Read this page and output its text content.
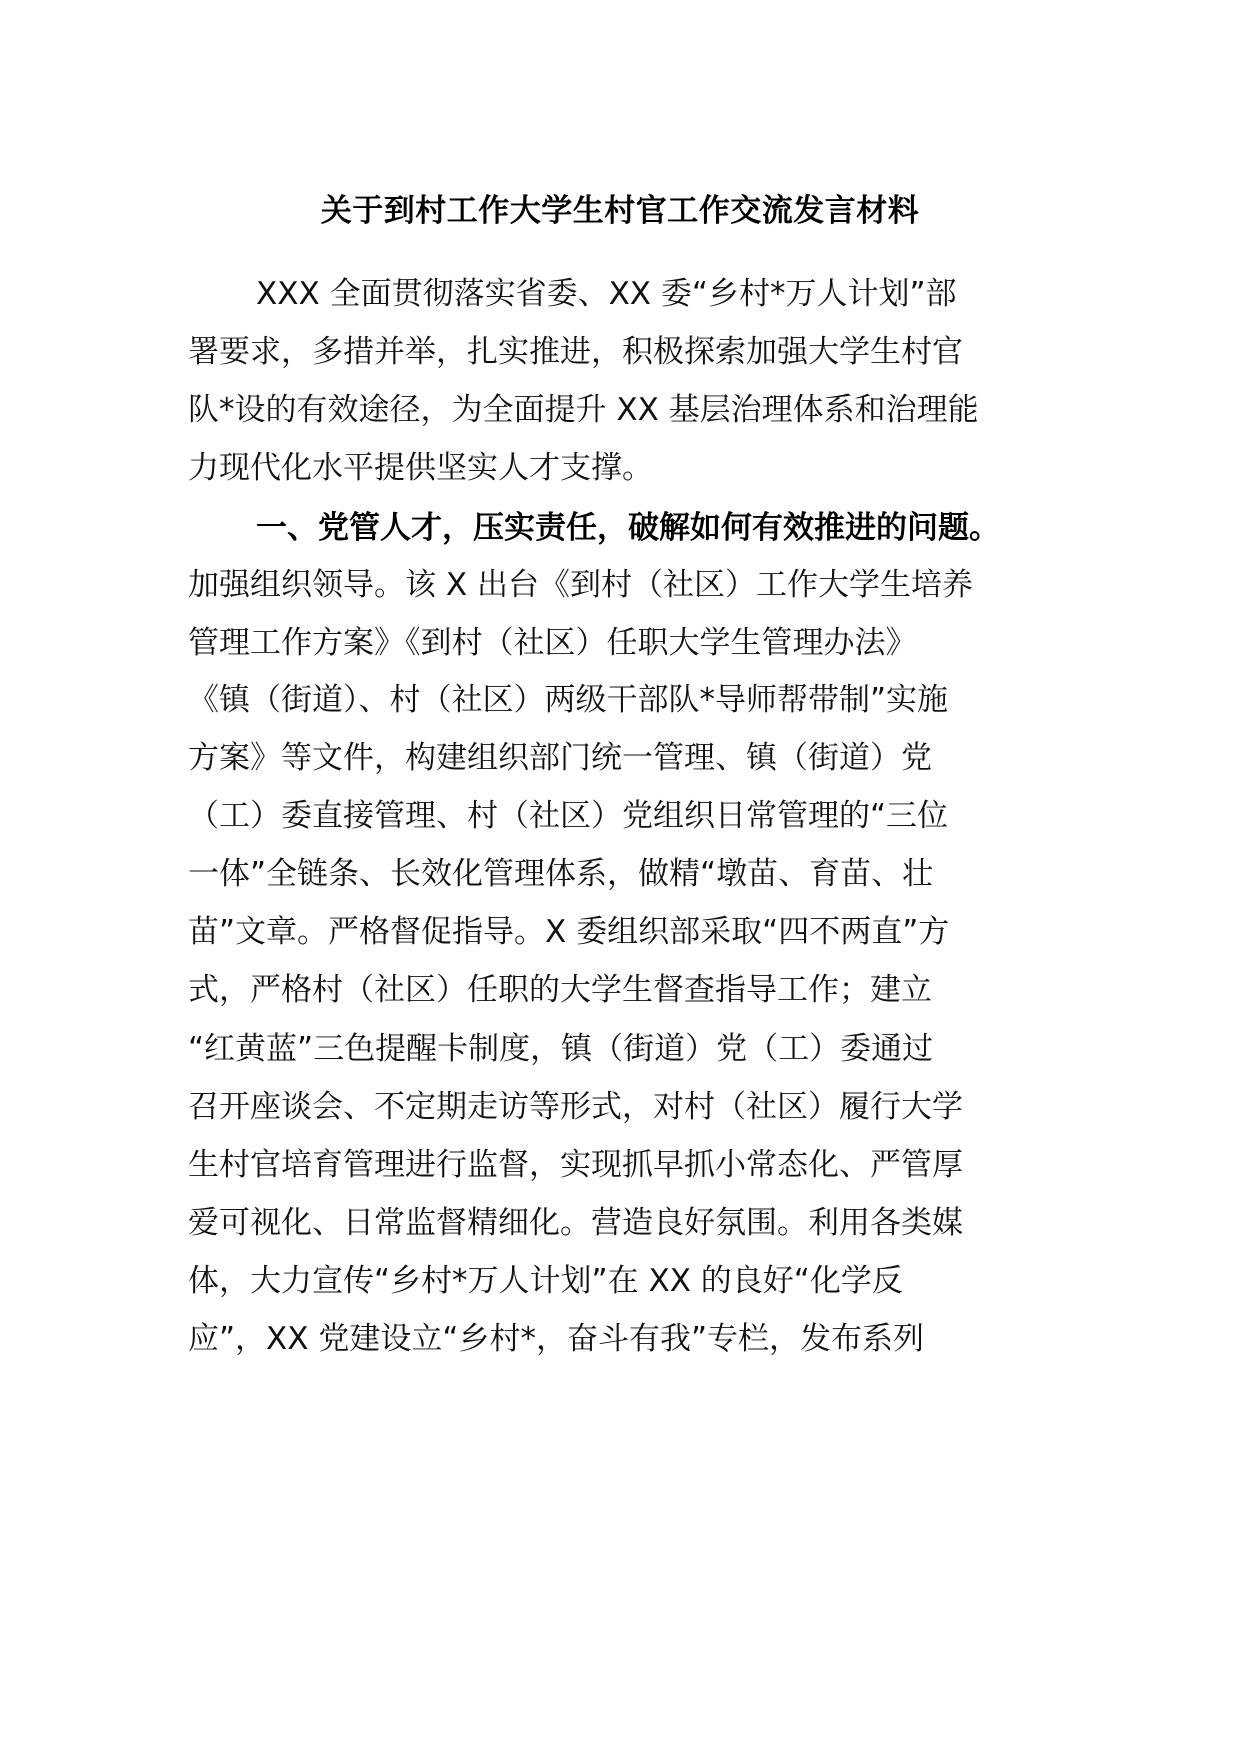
关于到村工作大学生村官工作交流发言材料
XXX 全面贯彻落实省委、XX 委“乡村*万人计划”部
署要求，多措并举，扎实推进，积极探索加强大学生村官
队*设的有效途径，为全面提升 XX 基层治理体系和治理能
力现代化水平提供坚实人才支撑。
一、党管人才，压实责任，破解如何有效推进的问题。
加强组织领导。该 X 出台《到村（社区）工作大学生培养
管理工作方案》《到村（社区）任职大学生管理办法》
《镇（街道）、村（社区）两级干部队*导师帮带制”实施
方案》等文件，构建组织部门统一管理、镇（街道）党
（工）委直接管理、村（社区）党组织日常管理的“三位
一体”全链条、长效化管理体系，做精“墩苗、育苗、壮
苗”文章。严格督促指导。X 委组织部采取“四不两直”方
式，严格村（社区）任职的大学生督查指导工作；建立
“红黄蓝”三色提醒卡制度，镇（街道）党（工）委通过
召开座谈会、不定期走访等形式，对村（社区）履行大学
生村官培育管理进行监督，实现抓早抓小常态化、严管厚
爱可视化、日常监督精细化。营造良好氛围。利用各类媒
体，大力宣传“乡村*万人计划”在 XX 的良好“化学反
应”，XX 党建设立“乡村*，奋斗有我”专栏，发布系列
